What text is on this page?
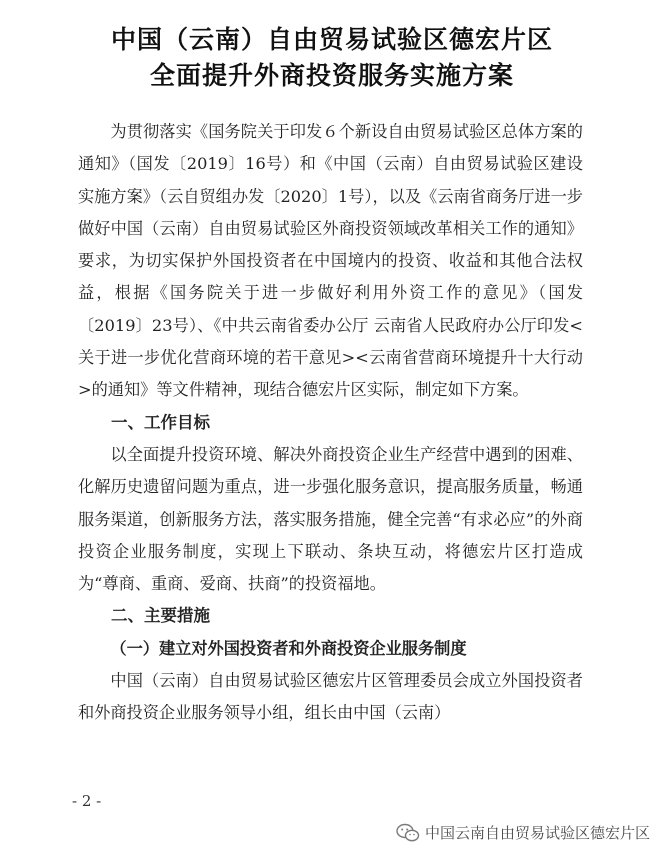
中国（云南）自由贸易试验区德宏片区
全面提升外商投资服务实施方案

为贯彻落实《国务院关于印发６个新设自由贸易试验区总体方案的通知》（国发〔2019〕16号）和《中国（云南）自由贸易试验区建设实施方案》（云自贸组办发〔2020〕1号），以及《云南省商务厅进一步做好中国（云南）自由贸易试验区外商投资领域改革相关工作的通知》要求，为切实保护外国投资者在中国境内的投资、收益和其他合法权益，根据《国务院关于进一步做好利用外资工作的意见》（国发〔2019〕23号）、《中共云南省委办公厅 云南省人民政府办公厅印发<关于进一步优化营商环境的若干意见><云南省营商环境提升十大行动>的通知》等文件精神，现结合德宏片区实际，制定如下方案。

一、工作目标

以全面提升投资环境、解决外商投资企业生产经营中遇到的困难、化解历史遗留问题为重点，进一步强化服务意识，提高服务质量，畅通服务渠道，创新服务方法，落实服务措施，健全完善“有求必应”的外商投资企业服务制度，实现上下联动、条块互动，将德宏片区打造成为“尊商、重商、爱商、扶商”的投资福地。

二、主要措施

（一）建立对外国投资者和外商投资企业服务制度

中国（云南）自由贸易试验区德宏片区管理委员会成立外国投资者和外商投资企业服务领导小组，组长由中国（云南）

- 2 -
中国云南自由贸易试验区德宏片区
